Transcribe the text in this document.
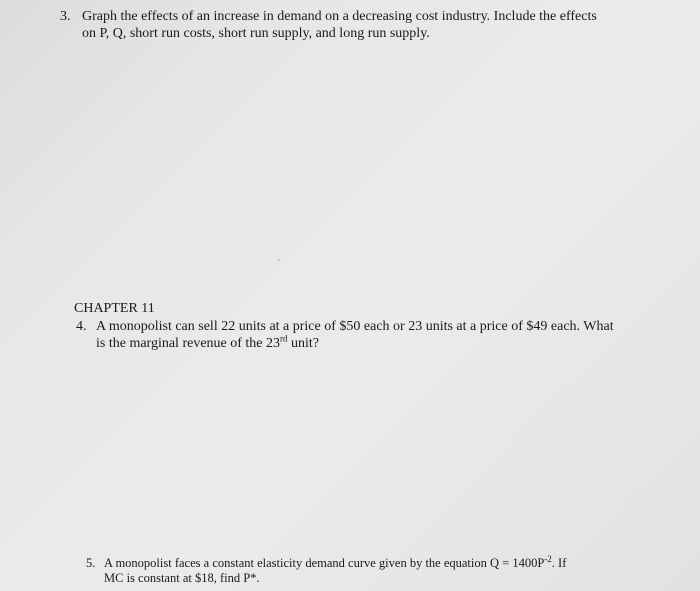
3. Graph the effects of an increase in demand on a decreasing cost industry. Include the effects
on P, Q, short run costs, short run supply, and long run supply.
CHAPTER 11
4. A monopolist can sell 22 units at a price of $50 each or 23 units at a price of $49 each. What
is the marginal revenue of the 23rd unit?
5. A monopolist faces a constant elasticity demand curve given by the equation $Q = 1400P^{-2}$. If
MC is constant at $18, find P*.
